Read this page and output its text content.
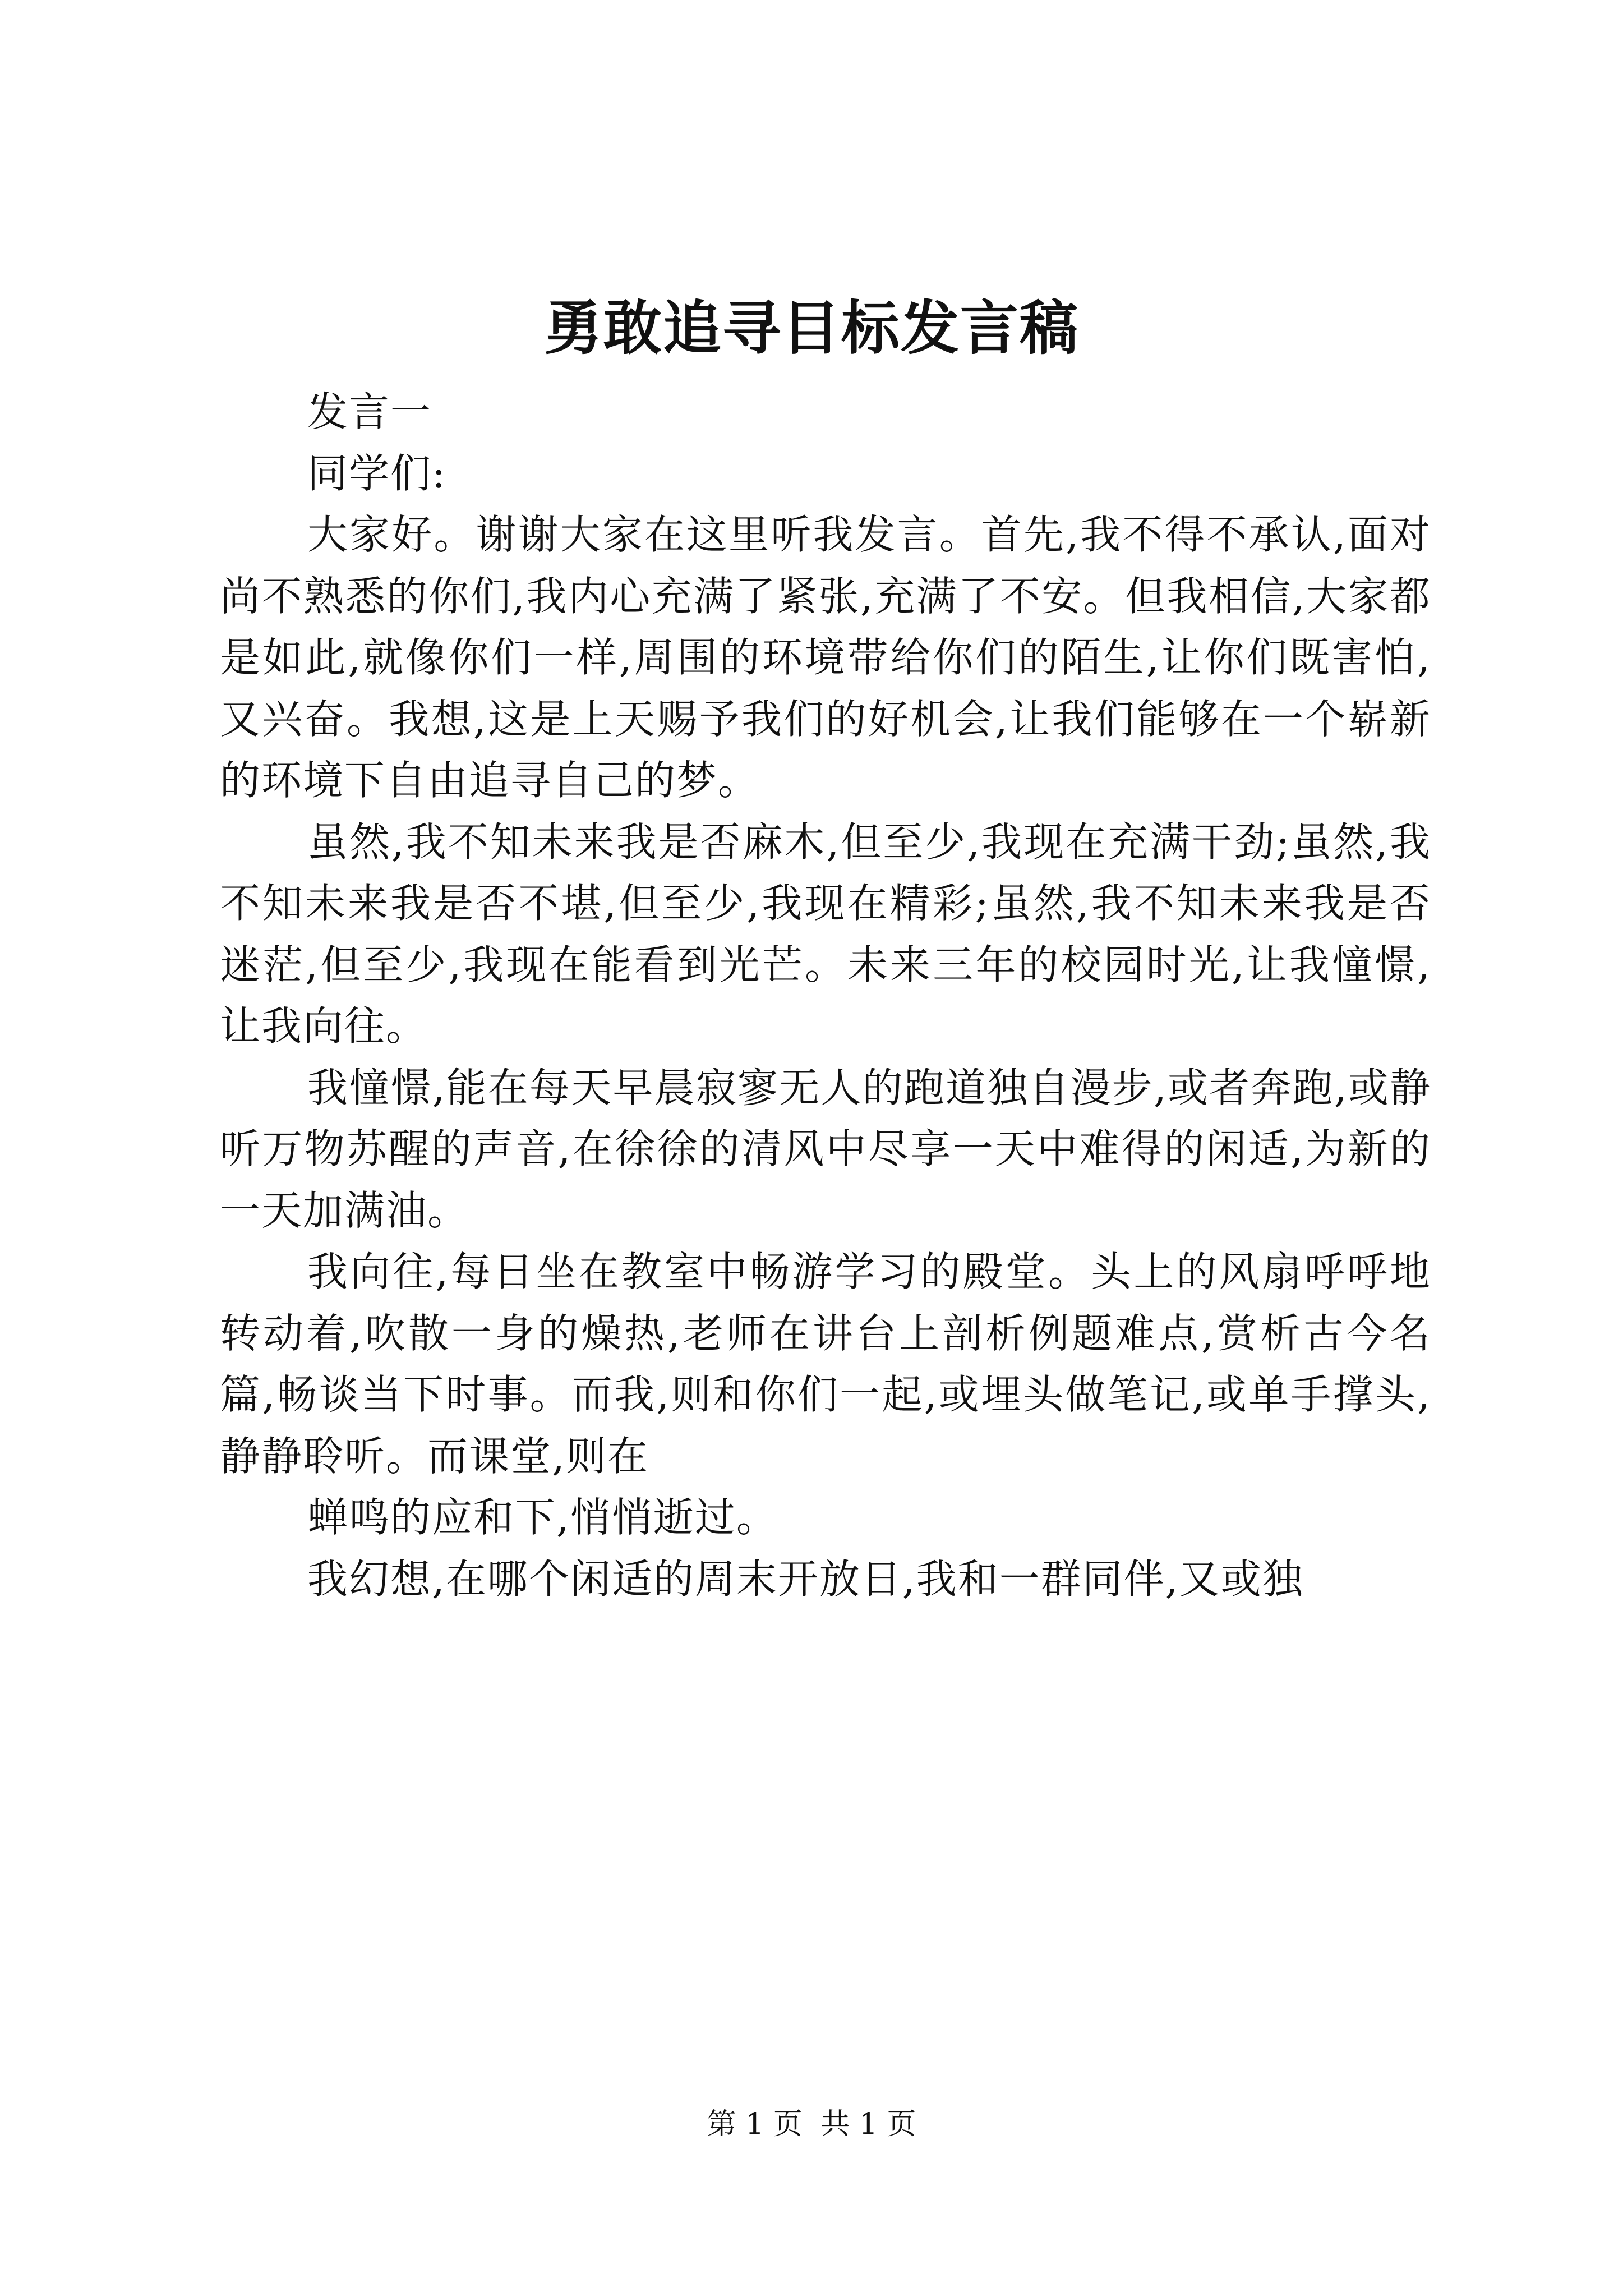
勇敢追寻目标发言稿

发言一

同学们:

大家好。谢谢大家在这里听我发言。首先,我不得不承认,面对尚不熟悉的你们,我内心充满了紧张,充满了不安。但我相信,大家都是如此,就像你们一样,周围的环境带给你们的陌生,让你们既害怕,又兴奋。我想,这是上天赐予我们的好机会,让我们能够在一个崭新的环境下自由追寻自己的梦。

虽然,我不知未来我是否麻木,但至少,我现在充满干劲;虽然,我不知未来我是否不堪,但至少,我现在精彩;虽然,我不知未来我是否迷茫,但至少,我现在能看到光芒。未来三年的校园时光,让我憧憬,让我向往。

我憧憬,能在每天早晨寂寥无人的跑道独自漫步,或者奔跑,或静听万物苏醒的声音,在徐徐的清风中尽享一天中难得的闲适,为新的一天加满油。

我向往,每日坐在教室中畅游学习的殿堂。头上的风扇呼呼地转动着,吹散一身的燥热,老师在讲台上剖析例题难点,赏析古今名篇,畅谈当下时事。而我,则和你们一起,或埋头做笔记,或单手撑头,静静聆听。而课堂,则在

蝉鸣的应和下,悄悄逝过。

我幻想,在哪个闲适的周末开放日,我和一群同伴,又或独

第 1 页 共 1 页
